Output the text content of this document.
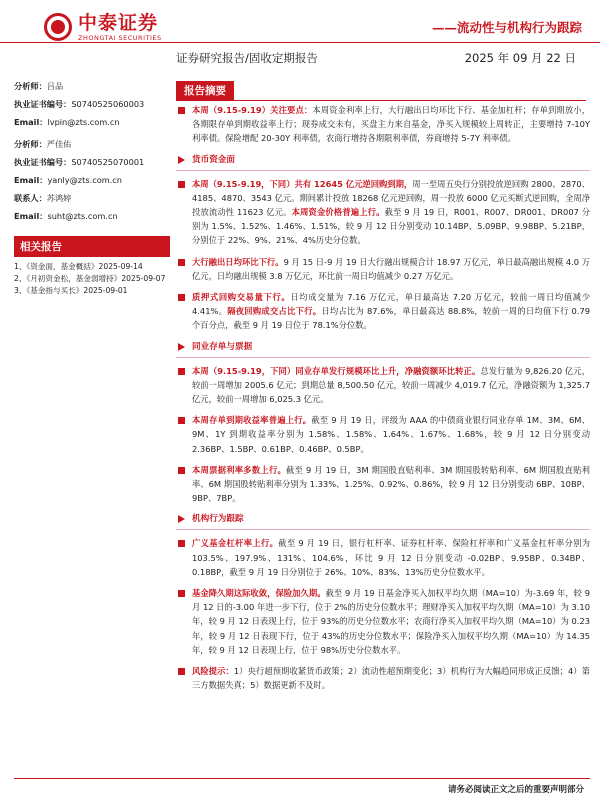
中泰证券
ZHONGTAI SECURITIES
——流动性与机构行为跟踪
证券研究报告/固收定期报告	2025 年 09 月 22 日
分析师：吕品
执业证书编号：S0740525060003
Email：lvpin@zts.com.cn
分析师：严佳佑
执业证书编号：S0740525070001
Email：yanly@zts.com.cn
联系人：苏鸿婷
Email：suht@zts.com.cn
相关报告
1、《资金面，基金概括》2025-09-14
2、《月初资金松，基金弱增持》2025-09-07
3、《基金指与买长》2025-09-01
报告摘要
本周（9.15-9.19）关注要点：本周资金利率上行，大行融出日均环比下行、基金加杠杆；存单到期放小，各期限存单到期收益率上行；现券成交未有，买盘主力来自基金，净买入规模较上周转正，主要增持 7-10Y 利率债。保险增配 20-30Y 利率债，农商行增持各期限利率债，券商增持 5-7Y 利率债。
货币资金面
本周（9.15-9.19，下同）共有 12645 亿元逆回购到期，周一至周五央行分别投放逆回购 2800、2870、4185、4870、3543 亿元。期间累计投放 18268 亿元逆回购，周一投放 6000 亿元买断式逆回购，全周净投放流动性 11623 亿元。本周资金价格普遍上行。截至 9 月 19 日，R001、R007、DR001、DR007 分别为 1.5%、1.52%、1.46%、1.51%，较 9 月 12 日分别变动 10.14BP、5.09BP、9.98BP、5.21BP，分别位于 22%、9%、21%、4%历史分位数。
大行融出日均环比下行。9 月 15 日-9 月 19 日大行融出规模合计 18.97 万亿元，单日最高融出规模 4.0 万亿元，日均融出规模 3.8 万亿元，环比前一周日均值减少 0.27 万亿元。
质押式回购交易量下行。日均成交量为 7.16 万亿元，单日最高达 7.20 万亿元，较前一周日均值减少 4.41%。隔夜回购成交占比下行。日均占比为 87.6%，单日最高达 88.8%，较前一周的日均值下行 0.79 个百分点，截至 9 月 19 日位于 78.1%分位数。
同业存单与票据
本周（9.15-9.19，下同）同业存单发行规模环比上升，净融资额环比转正。总发行量为 9,826.20 亿元，较前一周增加 2005.6 亿元；到期总量 8,500.50 亿元，较前一周减少 4,019.7 亿元，净融资额为 1,325.7 亿元，较前一周增加 6,025.3 亿元。
本周存单到期收益率普遍上行。截至 9 月 19 日，评级为 AAA 的中债商业银行同业存单 1M、3M、6M、9M、1Y 到期收益率分别为 1.58%、1.58%、1.64%、1.67%、1.68%，较 9 月 12 日分别变动 2.36BP、1.5BP、0.61BP、0.46BP、0.5BP。
本周票据利率多数上行。截至 9 月 19 日，3M 期国股直贴利率、3M 期国股转贴利率、6M 期国股直贴利率、6M 期国股转贴利率分别为 1.33%、1.25%、0.92%、0.86%，较 9 月 12 日分别变动 6BP、10BP、9BP、7BP。
机构行为跟踪
广义基金杠杆率上行。截至 9 月 19 日，银行杠杆率、证券杠杆率、保险杠杆率和广义基金杠杆率分别为 103.5%、197.9%、131%、104.6%，环比 9 月 12 日分别变动 -0.02BP、9.95BP、0.34BP、0.18BP，截至 9 月 19 日分别位于 26%、10%、83%、13%历史分位数水平。
基金降久期这际收敛，保险加久期。截至 9 月 19 日基金净买入加权平均久期（MA=10）为-3.69 年，较 9 月 12 日的-3.00 年进一步下行，位于 2%的历史分位数水平；理财净买入加权平均久期（MA=10）为 3.10 年，较 9 月 12 日表现上行，位于 93%的历史分位数水平；农商行净买入加权平均久期（MA=10）为 0.23 年，较 9 月 12 日表现下行，位于 43%的历史分位数水平；保险净买入加权平均久期（MA=10）为 14.35 年，较 9 月 12 日表现上行，位于 98%历史分位数水平。
风险提示：1）央行超预期收紧货币政策；2）流动性超预期变化；3）机构行为大幅趋同形成正反馈；4）第三方数据失真；5）数据更新不及时。
请务必阅读正文之后的重要声明部分
